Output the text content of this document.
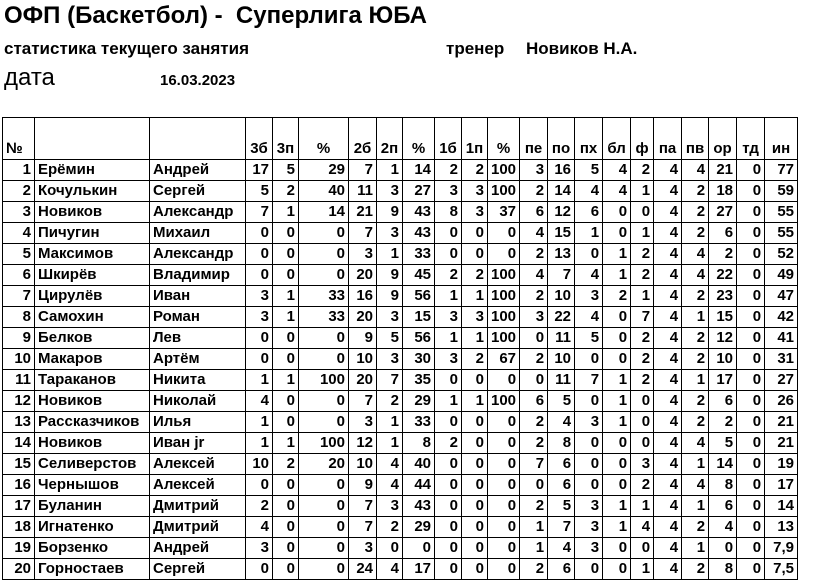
ОФП (Баскетбол) -  Суперлига ЮБА
статистика текущего занятия	тренер Новиков Н.А.
дата	16.03.2023
№			3б	3п	%	2б	2п	%	1б	1п	%	пе	по	пх	бл	ф	па	пв	ор	тд	ин
1	Ерёмин	Андрей	17	5	29	7	1	14	2	2	100	3	16	5	4	2	4	4	21	0	77
2	Кочулькин	Сергей	5	2	40	11	3	27	3	3	100	2	14	4	4	1	4	2	18	0	59
3	Новиков	Александр	7	1	14	21	9	43	8	3	37	6	12	6	0	0	4	2	27	0	55
4	Пичугин	Михаил	0	0	0	7	3	43	0	0	0	4	15	1	0	1	4	2	6	0	55
5	Максимов	Александр	0	0	0	3	1	33	0	0	0	2	13	0	1	2	4	4	2	0	52
6	Шкирёв	Владимир	0	0	0	20	9	45	2	2	100	4	7	4	1	2	4	4	22	0	49
7	Цирулёв	Иван	3	1	33	16	9	56	1	1	100	2	10	3	2	1	4	2	23	0	47
8	Самохин	Роман	3	1	33	20	3	15	3	3	100	3	22	4	0	7	4	1	15	0	42
9	Белков	Лев	0	0	0	9	5	56	1	1	100	0	11	5	0	2	4	2	12	0	41
10	Макаров	Артём	0	0	0	10	3	30	3	2	67	2	10	0	0	2	4	2	10	0	31
11	Тараканов	Никита	1	1	100	20	7	35	0	0	0	0	11	7	1	2	4	1	17	0	27
12	Новиков	Николай	4	0	0	7	2	29	1	1	100	6	5	0	1	0	4	2	6	0	26
13	Рассказчиков	Илья	1	0	0	3	1	33	0	0	0	2	4	3	1	0	4	2	2	0	21
14	Новиков	Иван jr	1	1	100	12	1	8	2	0	0	2	8	0	0	0	4	4	5	0	21
15	Селиверстов	Алексей	10	2	20	10	4	40	0	0	0	7	6	0	0	3	4	1	14	0	19
16	Чернышов	Алексей	0	0	0	9	4	44	0	0	0	0	6	0	0	2	4	4	8	0	17
17	Буланин	Дмитрий	2	0	0	7	3	43	0	0	0	2	5	3	1	1	4	1	6	0	14
18	Игнатенко	Дмитрий	4	0	0	7	2	29	0	0	0	1	7	3	1	4	4	2	4	0	13
19	Борзенко	Андрей	3	0	0	3	0	0	0	0	0	1	4	3	0	0	4	1	0	0	7,9
20	Горностаев	Сергей	0	0	0	24	4	17	0	0	0	2	6	0	0	1	4	2	8	0	7,5
